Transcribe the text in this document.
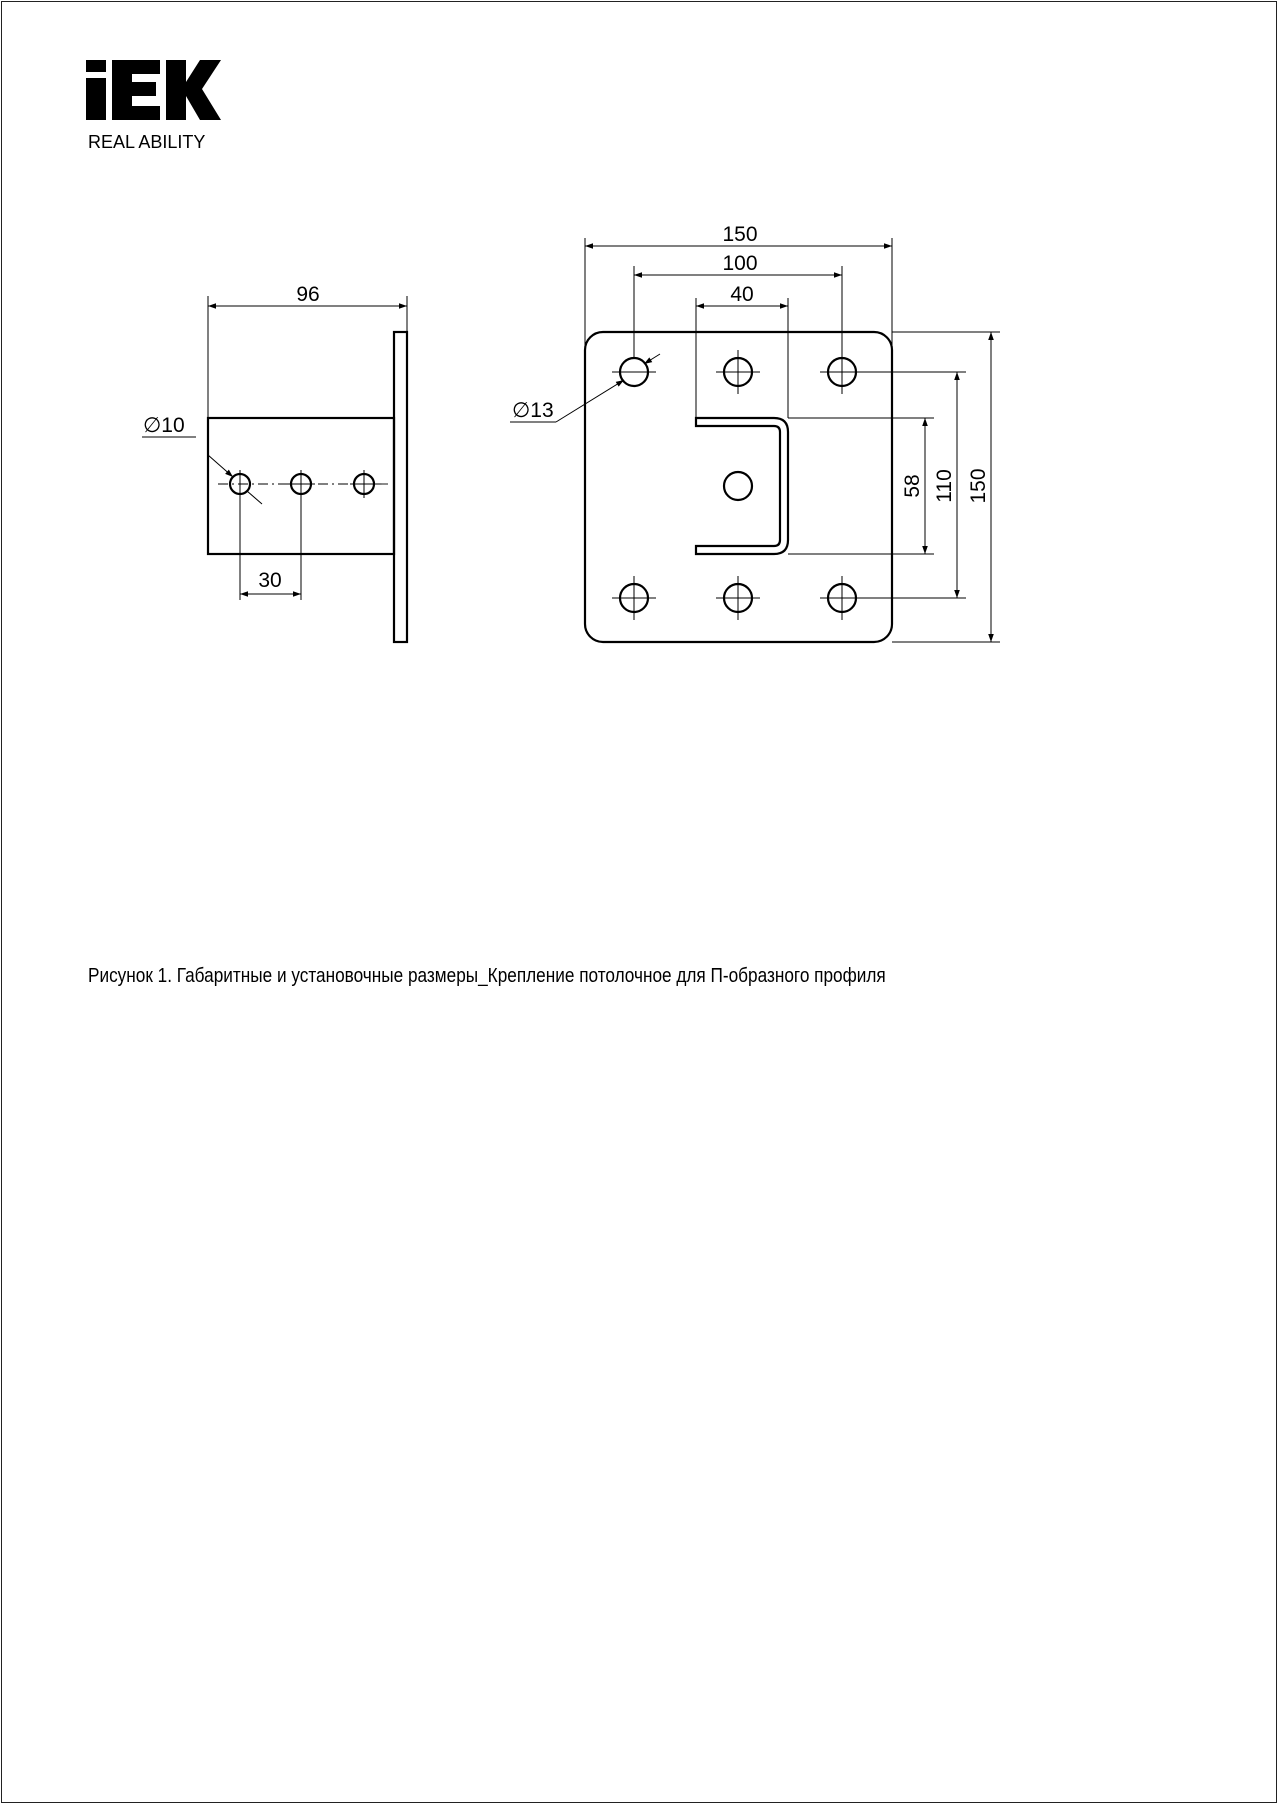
REAL ABILITY
96
30
∅10
150
100
40
∅13
58 110 150
Рисунок 1. Габаритные и установочные размеры_Крепление потолочное для П-образного профиля
